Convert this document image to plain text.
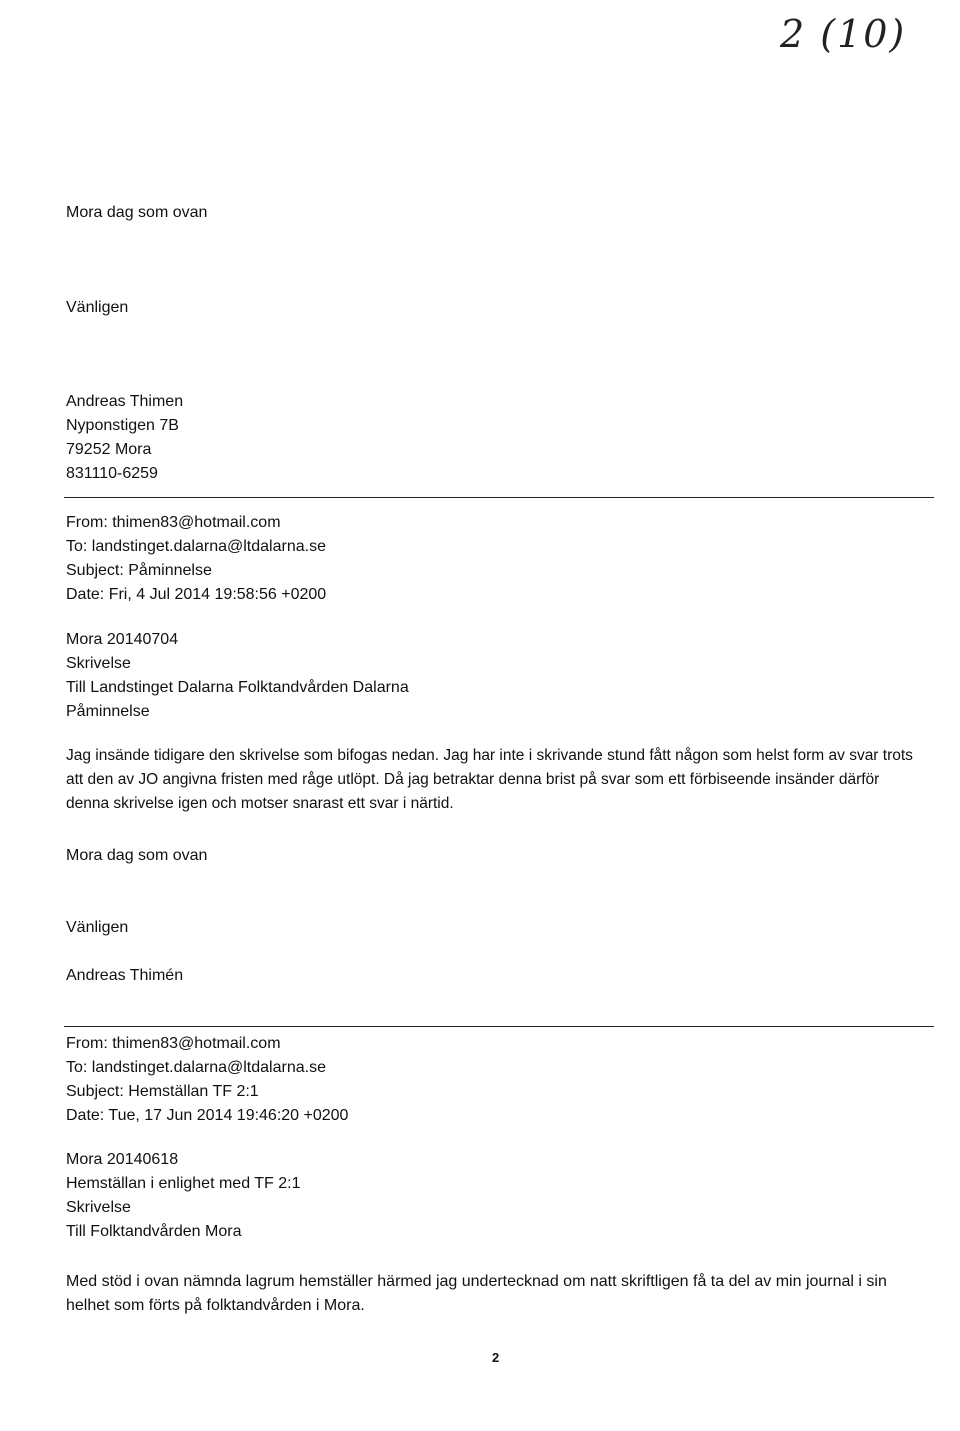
2 (10)
Mora dag som ovan
Vänligen
Andreas Thimen
Nyponstigen 7B
79252 Mora
831110-6259
From: thimen83@hotmail.com
To: landstinget.dalarna@ltdalarna.se
Subject: Påminnelse
Date: Fri, 4 Jul 2014 19:58:56 +0200
Mora 20140704
Skrivelse
Till Landstinget Dalarna Folktandvården Dalarna
Påminnelse
Jag insände tidigare den skrivelse som bifogas nedan. Jag har inte i skrivande stund fått någon som helst form av svar trots att den av JO angivna fristen med råge utlöpt. Då jag betraktar denna brist på svar som ett förbiseende insänder därför denna skrivelse igen och motser snarast ett svar i närtid.
Mora dag som ovan
Vänligen
Andreas Thimén
From: thimen83@hotmail.com
To: landstinget.dalarna@ltdalarna.se
Subject: Hemställan TF 2:1
Date: Tue, 17 Jun 2014 19:46:20 +0200
Mora 20140618
Hemställan i enlighet med TF 2:1
Skrivelse
Till Folktandvården Mora
Med stöd i ovan nämnda lagrum hemställer härmed jag undertecknad om natt skriftligen få ta del av min journal i sin helhet som förts på folktandvården i Mora.
2
